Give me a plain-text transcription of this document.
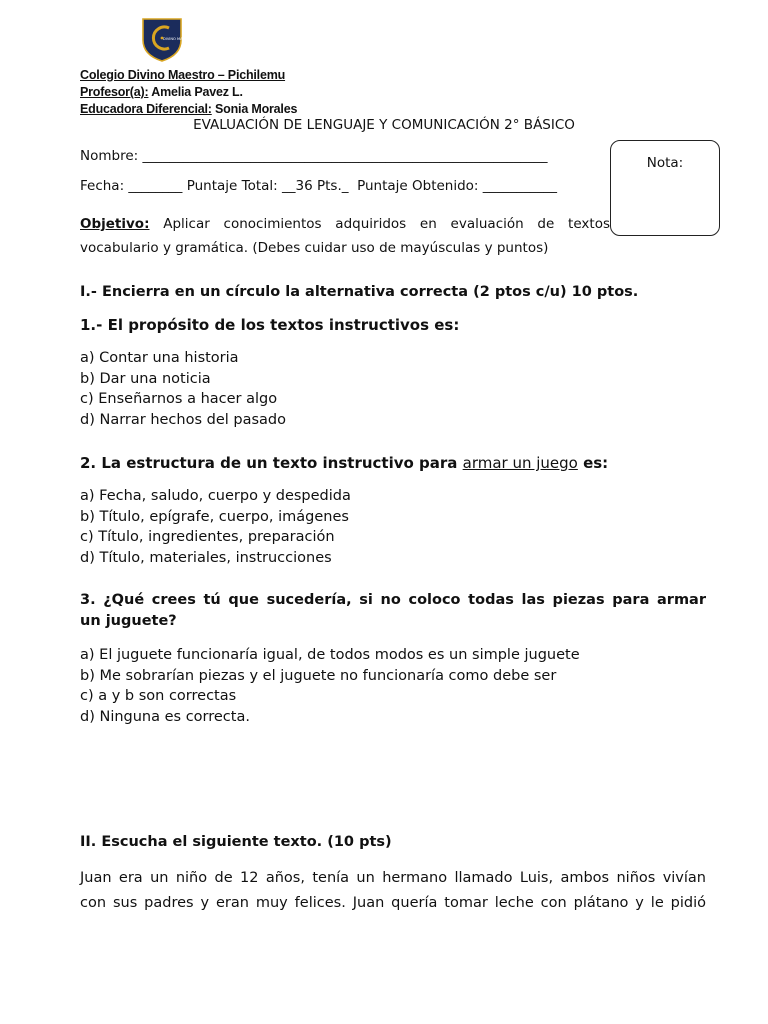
DIVINO MAESTRO
Colegio Divino Maestro – Pichilemu
Profesor(a): Amelia Pavez L.
Educadora Diferencial: Sonia Morales
EVALUACIÓN DE LENGUAJE Y COMUNICACIÓN 2° BÁSICO
Nombre: ____________________________________________________________
Fecha: ________ Puntaje Total: __36 Pts._  Puntaje Obtenido: ___________
Nota:
Objetivo: Aplicar conocimientos adquiridos en evaluación de textos
vocabulario y gramática. (Debes cuidar uso de mayúsculas y puntos)
I.- Encierra en un círculo la alternativa correcta (2 ptos c/u) 10 ptos.
1.- El propósito de los textos instructivos es:
a) Contar una historia
b) Dar una noticia
c) Enseñarnos a hacer algo
d) Narrar hechos del pasado
2. La estructura de un texto instructivo para armar un juego es:
a) Fecha, saludo, cuerpo y despedida
b) Título, epígrafe, cuerpo, imágenes
c) Título, ingredientes, preparación
d) Título, materiales, instrucciones
3. ¿Qué crees tú que sucedería, si no coloco todas las piezas para armar
un juguete?
a) El juguete funcionaría igual, de todos modos es un simple juguete
b) Me sobrarían piezas y el juguete no funcionaría como debe ser
c) a y b son correctas
d) Ninguna es correcta.
II. Escucha el siguiente texto. (10 pts)
Juan era un niño de 12 años, tenía un hermano llamado Luis, ambos niños vivían
con sus padres y eran muy felices. Juan quería tomar leche con plátano y le pidió
